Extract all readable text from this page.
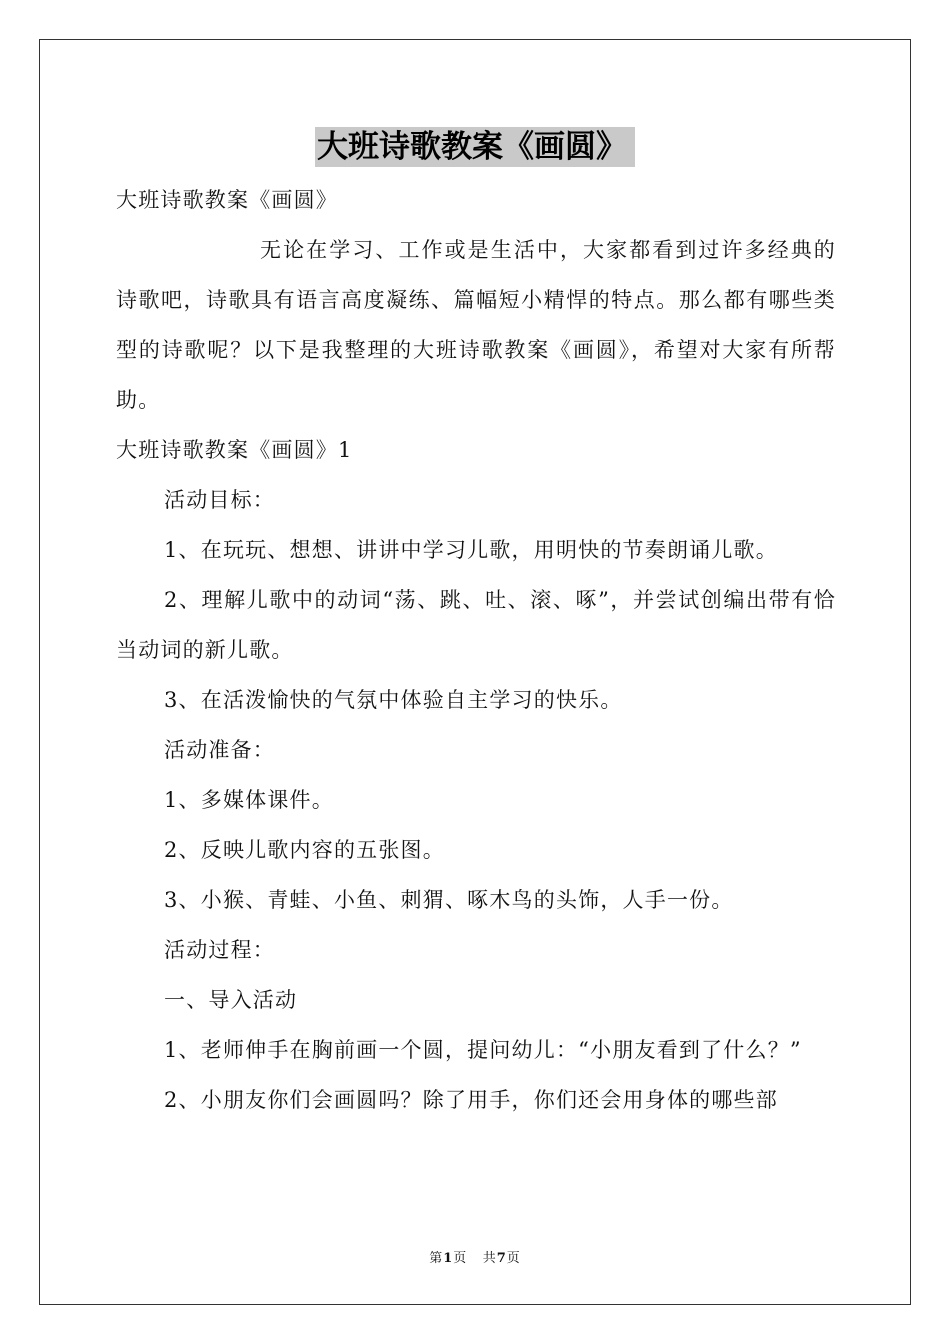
大班诗歌教案《画圆》

大班诗歌教案《画圆》

无论在学习、工作或是生活中，大家都看到过许多经典的诗歌吧，诗歌具有语言高度凝练、篇幅短小精悍的特点。那么都有哪些类型的诗歌呢？以下是我整理的大班诗歌教案《画圆》，希望对大家有所帮助。

大班诗歌教案《画圆》1

活动目标：

1、在玩玩、想想、讲讲中学习儿歌，用明快的节奏朗诵儿歌。

2、理解儿歌中的动词“荡、跳、吐、滚、啄”，并尝试创编出带有恰当动词的新儿歌。

3、在活泼愉快的气氛中体验自主学习的快乐。

活动准备：

1、多媒体课件。

2、反映儿歌内容的五张图。

3、小猴、青蛙、小鱼、刺猬、啄木鸟的头饰，人手一份。

活动过程：

一、导入活动

1、老师伸手在胸前画一个圆，提问幼儿：“小朋友看到了什么？”

2、小朋友你们会画圆吗？除了用手，你们还会用身体的哪些部

第1页 共7页
